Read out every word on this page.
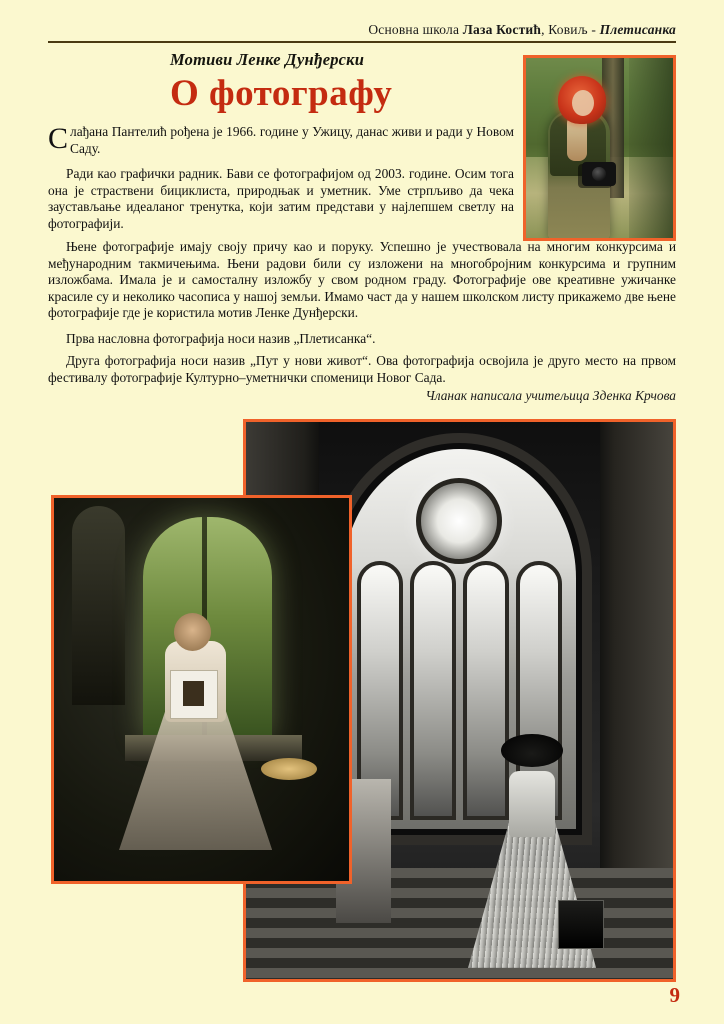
Основна школа Лаза Костић, Ковиљ - Плетисанка
Мотиви Ленке Дунђерски
О фотографу

Слађана Пантелић рођена је 1966. године у Ужицу, данас живи и ради у Новом Саду.

Ради као графички радник. Бави се фотографијом од 2003. године. Осим тога она је страствени бициклиста, природњак и уметник. Уме стрпљиво да чека заустављање идеаланог тренутка, који затим представи у најлепшем светлу на фотографији.

Њене фотографије имају своју причу као и поруку. Успешно је учествовала на многим конкурсима и међународним такмичењима. Њени радови били су изложени на многобројним конкурсима и групним изложбама. Имала је и самосталну изложбу у свом родном граду. Фотографије ове креативне ужичанке красиле су и неколико часописа у нашој земљи. Имамо част да у нашем школском листу прикажемо две њене фотографије где је користила мотив Ленке Дунђерски.

Прва насловна фотографија носи назив „Плетисанка“.

Друга фотографија носи назив „Пут у нови живот“. Ова фотографија освојила је друго место на првом фестивалу фотографије Културно–уметнички споменици Новог Сада.

Чланак написала учитељица Зденка Крчова
9
